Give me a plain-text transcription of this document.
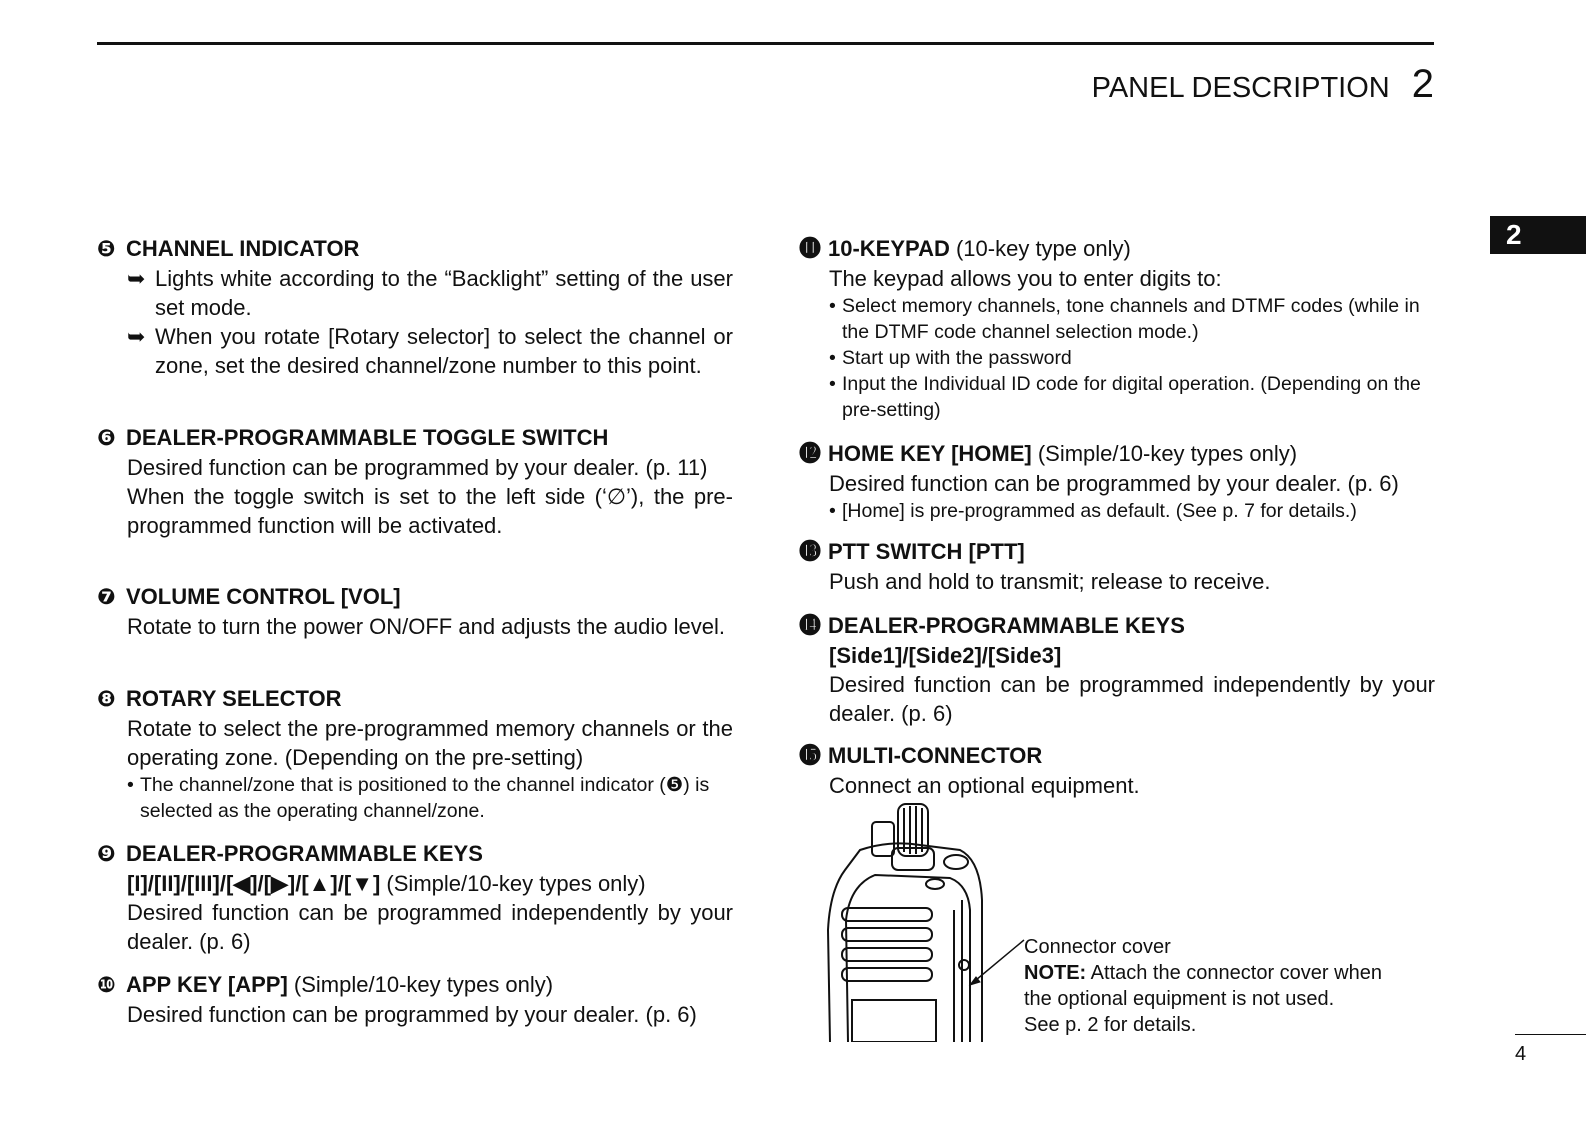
PANEL DESCRIPTION 2
2
❺ CHANNEL INDICATOR
➥ Lights white according to the “Backlight” setting of the user set mode.

➥ When you rotate [Rotary selector] to select the channel or zone, set the desired channel/zone number to this point.

❻ DEALER-PROGRAMMABLE TOGGLE SWITCH

Desired function can be programmed by your dealer. (p. 11)

When the toggle switch is set to the left side (‘∅’), the pre-programmed function will be activated.

❼ VOLUME CONTROL [VOL]

Rotate to turn the power ON/OFF and adjusts the audio level.

❽ ROTARY SELECTOR

Rotate to select the pre-programmed memory channels or the operating zone. (Depending on the pre-setting)

• The channel/zone that is positioned to the channel indicator (❺) is selected as the operating channel/zone.
❾ DEALER-PROGRAMMABLE KEYS
[I]/[II]/[III]/[◀]/[▶]/[▲]/[▼] (Simple/10-key types only)

Desired function can be programmed independently by your dealer. (p. 6)

❿ APP KEY [APP] (Simple/10-key types only)

Desired function can be programmed by your dealer. (p. 6)

⓫ 10-KEYPAD (10-key type only)

The keypad allows you to enter digits to:

• Select memory channels, tone channels and DTMF codes (while in the DTMF code channel selection mode.)
• Start up with the password
• Input the Individual ID code for digital operation. (Depending on the pre-setting)
⓬ HOME KEY [HOME] (Simple/10-key types only)

Desired function can be programmed by your dealer. (p. 6)

• [Home] is pre-programmed as default. (See p. 7 for details.)
⓭ PTT SWITCH [PTT]

Push and hold to transmit; release to receive.

⓮ DEALER-PROGRAMMABLE KEYS
[Side1]/[Side2]/[Side3]

Desired function can be programmed independently by your dealer. (p. 6)

⓯ MULTI-CONNECTOR

Connect an optional equipment.

Connector cover
NOTE: Attach the connector cover when
the optional equipment is not used.
See p. 2 for details.
4
